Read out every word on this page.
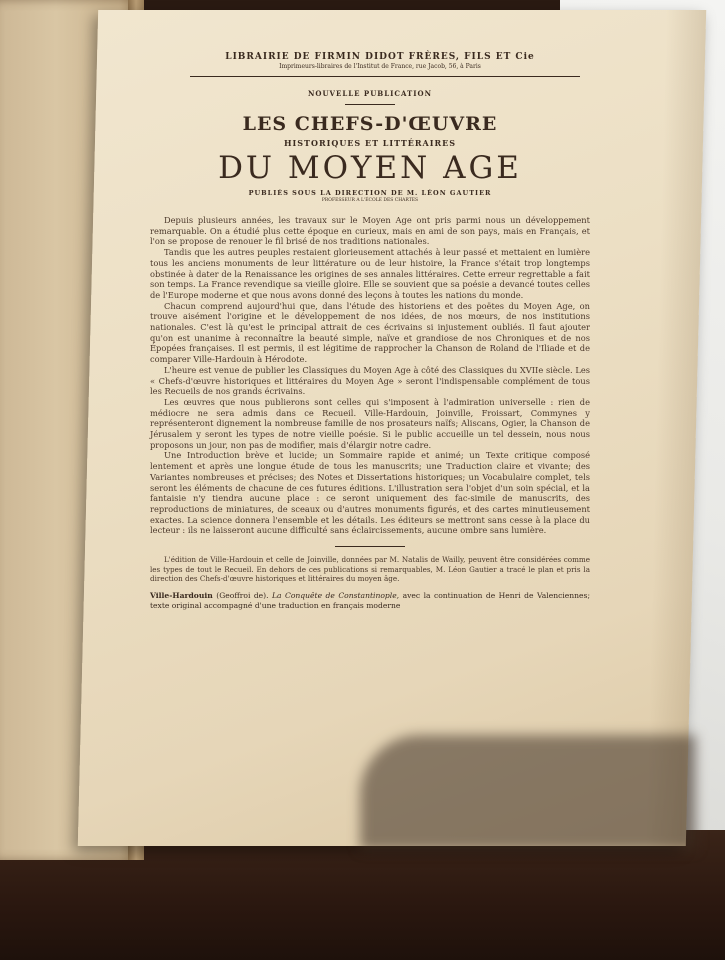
LIBRAIRIE DE FIRMIN DIDOT FRÈRES, FILS ET Cie
Imprimeurs-libraires de l'Institut de France, rue Jacob, 56, à Paris
NOUVELLE PUBLICATION
LES CHEFS-D'ŒUVRE
HISTORIQUES ET LITTÉRAIRES
DU MOYEN AGE
PUBLIÉS SOUS LA DIRECTION DE M. LÉON GAUTIER
PROFESSEUR A L'ÉCOLE DES CHARTES

Depuis plusieurs années, les travaux sur le Moyen Age ont pris parmi nous un développement remarquable. On a étudié plus cette époque en curieux, mais en ami de son pays, mais en Français, et l'on se propose de renouer le fil brisé de nos traditions nationales.

Tandis que les autres peuples restaient glorieusement attachés à leur passé et mettaient en lumière tous les anciens monuments de leur littérature ou de leur histoire, la France s'était trop longtemps obstinée à dater de la Renaissance les origines de ses annales littéraires. Cette erreur regrettable a fait son temps. La France revendique sa vieille gloire. Elle se souvient que sa poésie a devancé toutes celles de l'Europe moderne et que nous avons donné des leçons à toutes les nations du monde.

Chacun comprend aujourd'hui que, dans l'étude des historiens et des poëtes du Moyen Age, on trouve aisément l'origine et le développement de nos idées, de nos mœurs, de nos institutions nationales. C'est là qu'est le principal attrait de ces écrivains si injustement oubliés. Il faut ajouter qu'on est unanime à reconnaître la beauté simple, naïve et grandiose de nos Chroniques et de nos Épopées françaises. Il est permis, il est légitime de rapprocher la Chanson de Roland de l'Iliade et de comparer Ville-Hardouin à Hérodote.

L'heure est venue de publier les Classiques du Moyen Age à côté des Classiques du XVIIe siècle. Les « Chefs-d'œuvre historiques et littéraires du Moyen Age » seront l'indispensable complément de tous les Recueils de nos grands écrivains.

Les œuvres que nous publierons sont celles qui s'imposent à l'admiration universelle : rien de médiocre ne sera admis dans ce Recueil. Ville-Hardouin, Joinville, Froissart, Commynes y représenteront dignement la nombreuse famille de nos prosateurs naïfs; Aliscans, Ogier, la Chanson de Jérusalem y seront les types de notre vieille poésie. Si le public accueille un tel dessein, nous nous proposons un jour, non pas de modifier, mais d'élargir notre cadre.

Une Introduction brève et lucide; un Sommaire rapide et animé; un Texte critique composé lentement et après une longue étude de tous les manuscrits; une Traduction claire et vivante; des Variantes nombreuses et précises; des Notes et Dissertations historiques; un Vocabulaire complet, tels seront les éléments de chacune de ces futures éditions. L'illustration sera l'objet d'un soin spécial, et la fantaisie n'y tiendra aucune place : ce seront uniquement des fac-simile de manuscrits, des reproductions de miniatures, de sceaux ou d'autres monuments figurés, et des cartes minutieusement exactes. La science donnera l'ensemble et les détails. Les éditeurs se mettront sans cesse à la place du lecteur : ils ne laisseront aucune difficulté sans éclaircissements, aucune ombre sans lumière.

L'édition de Ville-Hardouin et celle de Joinville, données par M. Natalis de Wailly, peuvent être considérées comme les types de tout le Recueil. En dehors de ces publications si remarquables, M. Léon Gautier a tracé le plan et pris la direction des Chefs-d'œuvre historiques et littéraires du moyen âge.
Ville-Hardouin (Geoffroi de). La Conquête de Constantinople, avec la continuation de Henri de Valenciennes; texte original accompagné d'une traduction en français moderne
